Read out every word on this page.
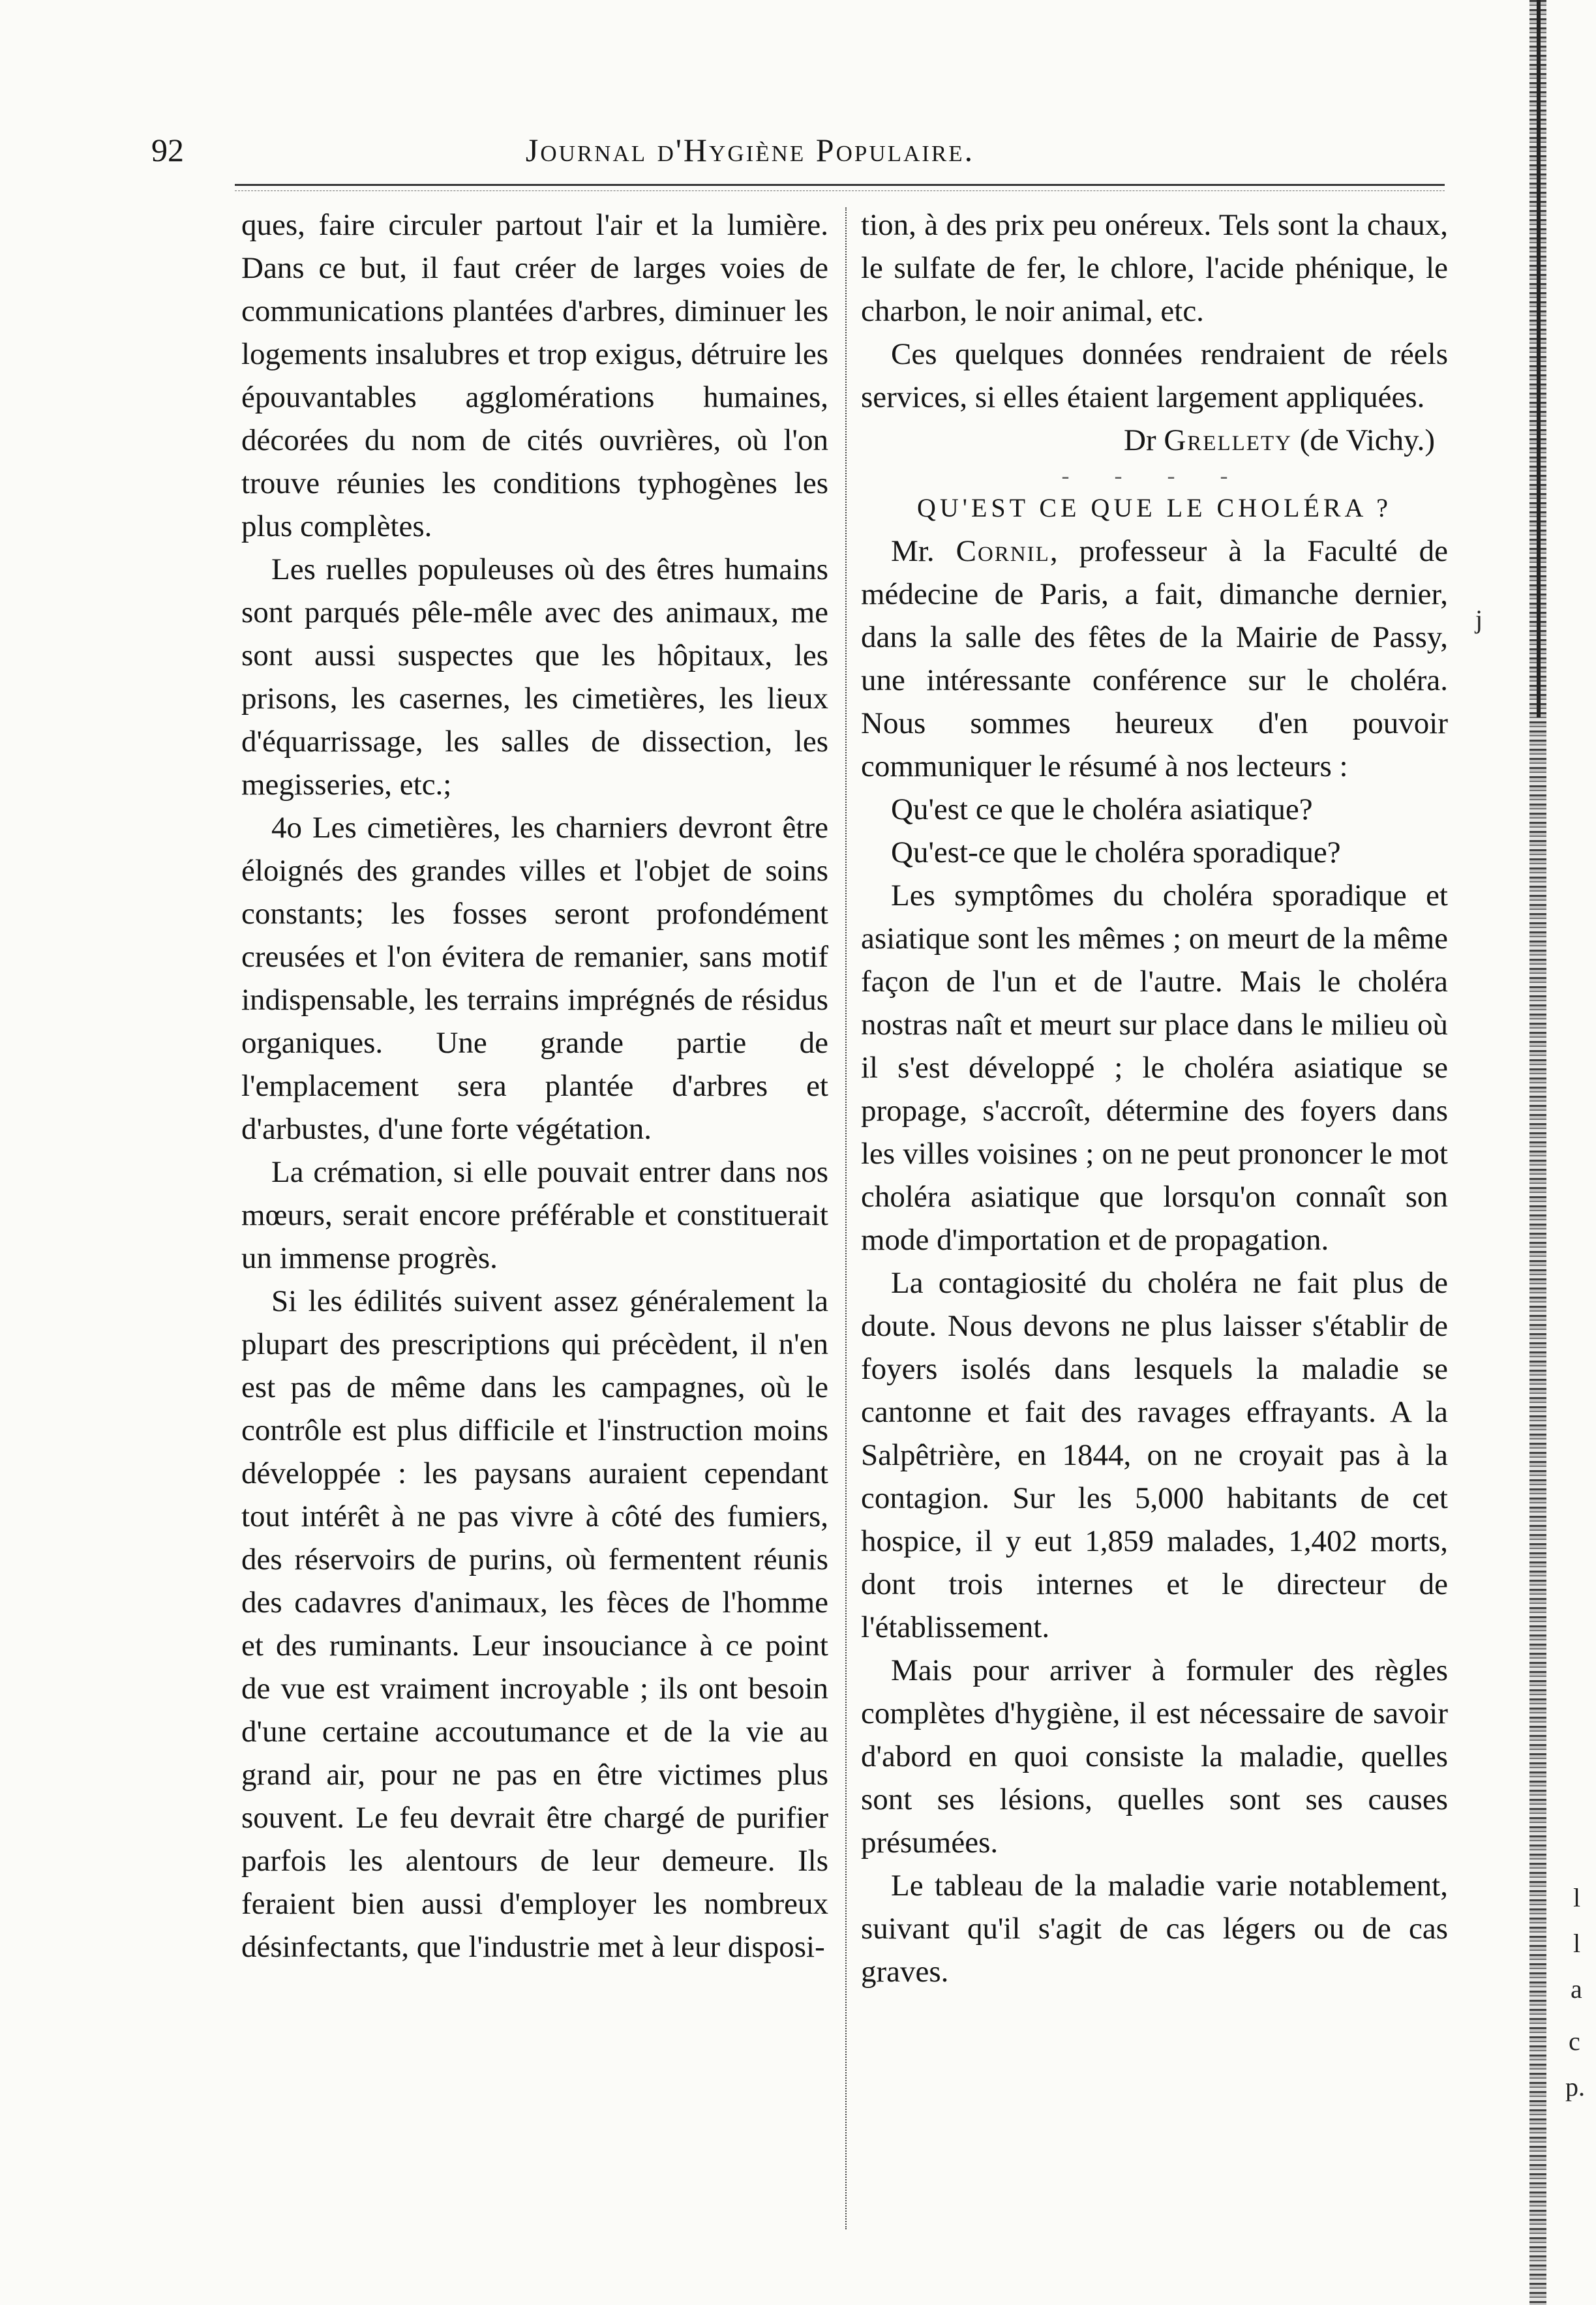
92	Journal d'Hygiène Populaire.

ques, faire circuler partout l'air et la lumière. Dans ce but, il faut créer de larges voies de communications plantées d'arbres, diminuer les logements insalubres et trop exigus, détruire les épouvantables agglomérations humaines, décorées du nom de cités ouvrières, où l'on trouve réunies les conditions typhogènes les plus complètes.

Les ruelles populeuses où des êtres humains sont parqués pêle-mêle avec des animaux, me sont aussi suspectes que les hôpitaux, les prisons, les casernes, les cimetières, les lieux d'équarrissage, les salles de dissection, les megisseries, etc.;

4o Les cimetières, les charniers devront être éloignés des grandes villes et l'objet de soins constants; les fosses seront profondément creusées et l'on évitera de remanier, sans motif indispensable, les terrains imprégnés de résidus organiques. Une grande partie de l'emplacement sera plantée d'arbres et d'arbustes, d'une forte végétation.

La crémation, si elle pouvait entrer dans nos mœurs, serait encore préférable et constituerait un immense progrès.

Si les édilités suivent assez généralement la plupart des prescriptions qui précèdent, il n'en est pas de même dans les campagnes, où le contrôle est plus difficile et l'instruction moins développée : les paysans auraient cependant tout intérêt à ne pas vivre à côté des fumiers, des réservoirs de purins, où fermentent réunis des cadavres d'animaux, les fèces de l'homme et des ruminants. Leur insouciance à ce point de vue est vraiment incroyable ; ils ont besoin d'une certaine accoutumance et de la vie au grand air, pour ne pas en être victimes plus souvent. Le feu devrait être chargé de purifier parfois les alentours de leur demeure. Ils feraient bien aussi d'employer les nombreux désinfectants, que l'industrie met à leur disposi-

tion, à des prix peu onéreux. Tels sont la chaux, le sulfate de fer, le chlore, l'acide phénique, le charbon, le noir animal, etc.

Ces quelques données rendraient de réels services, si elles étaient largement appliquées.

Dr Grellety (de Vichy.)

- - - -

QU'EST CE QUE LE CHOLÉRA ?

Mr. Cornil, professeur à la Faculté de médecine de Paris, a fait, dimanche dernier, dans la salle des fêtes de la Mairie de Passy, une intéressante conférence sur le choléra. Nous sommes heureux d'en pouvoir communiquer le résumé à nos lecteurs :

Qu'est ce que le choléra asiatique?

Qu'est-ce que le choléra sporadique?

Les symptômes du choléra sporadique et asiatique sont les mêmes ; on meurt de la même façon de l'un et de l'autre. Mais le choléra nostras naît et meurt sur place dans le milieu où il s'est développé ; le choléra asiatique se propage, s'accroît, détermine des foyers dans les villes voisines ; on ne peut prononcer le mot choléra asiatique que lorsqu'on connaît son mode d'importation et de propagation.

La contagiosité du choléra ne fait plus de doute. Nous devons ne plus laisser s'établir de foyers isolés dans lesquels la maladie se cantonne et fait des ravages effrayants. A la Salpêtrière, en 1844, on ne croyait pas à la contagion. Sur les 5,000 habitants de cet hospice, il y eut 1,859 malades, 1,402 morts, dont trois internes et le directeur de l'établissement.

Mais pour arriver à formuler des règles complètes d'hygiène, il est nécessaire de savoir d'abord en quoi consiste la maladie, quelles sont ses lésions, quelles sont ses causes présumées.

Le tableau de la maladie varie notablement, suivant qu'il s'agit de cas légers ou de cas graves.

j
l
l
a
c
p.
